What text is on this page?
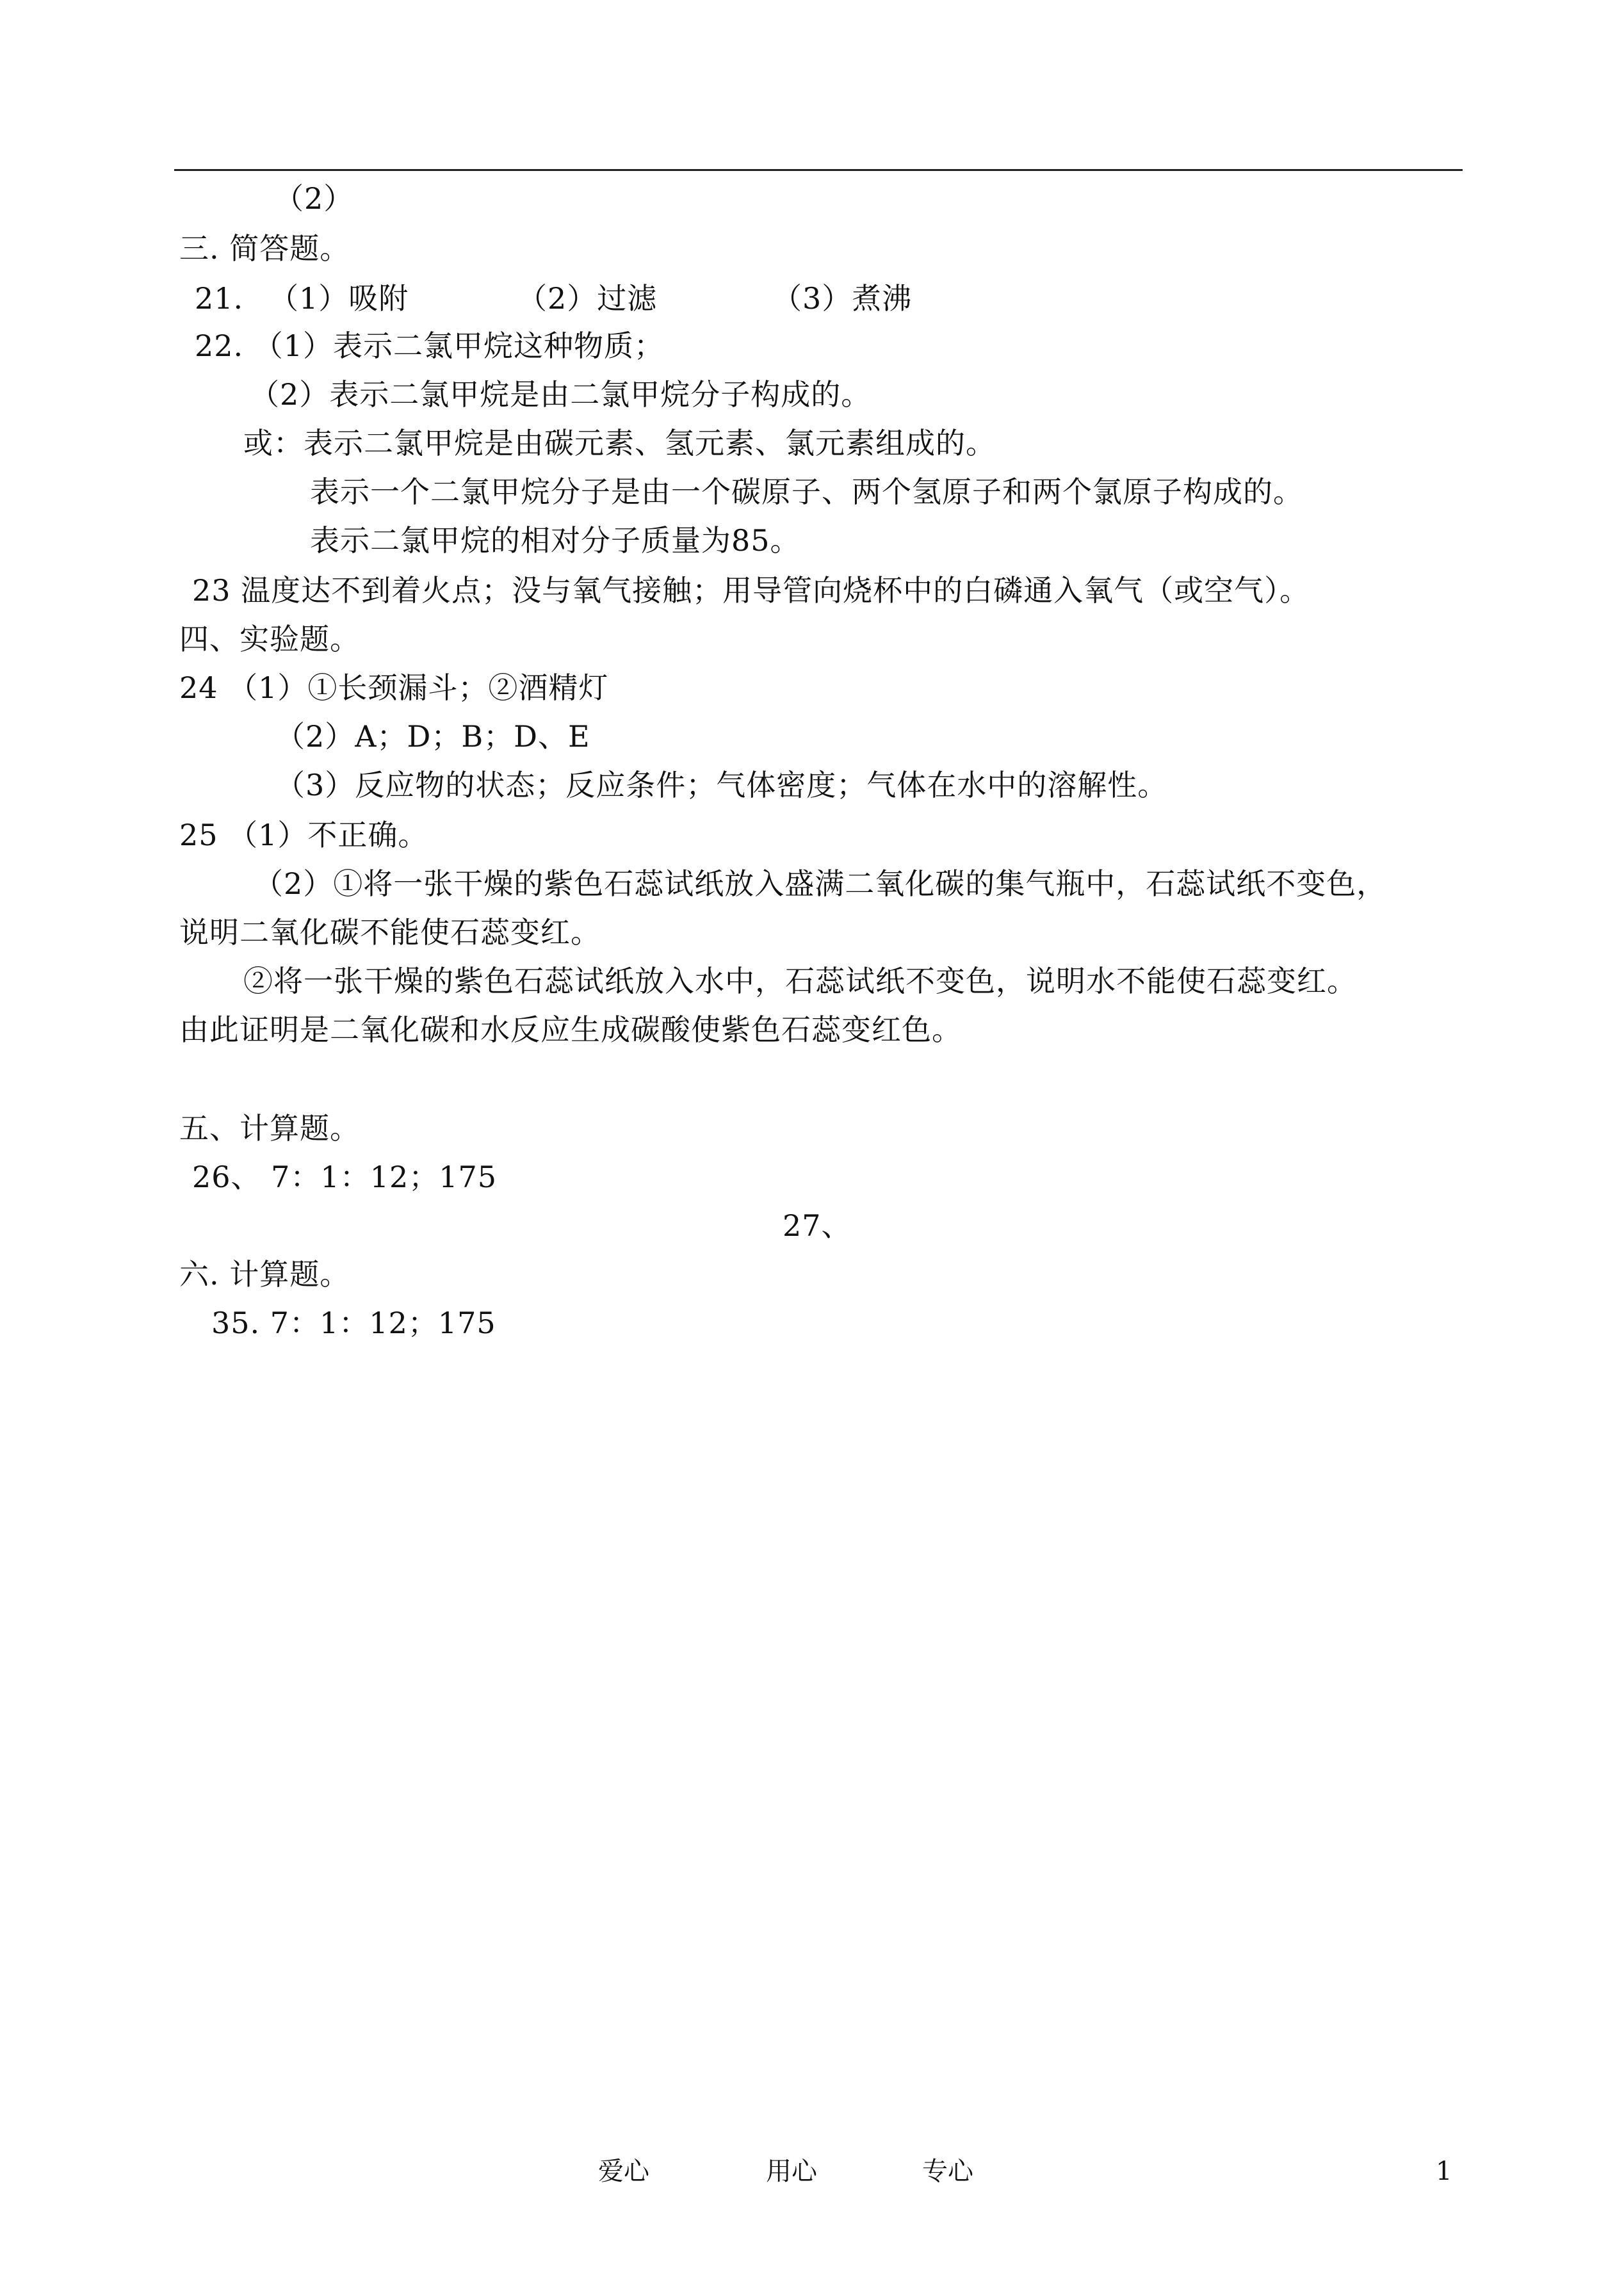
（2）
三. 简答题。
21. （1）吸附	（2）过滤	（3）煮沸
22. （1）表示二氯甲烷这种物质；
（2）表示二氯甲烷是由二氯甲烷分子构成的。
或：表示二氯甲烷是由碳元素、氢元素、氯元素组成的。
表示一个二氯甲烷分子是由一个碳原子、两个氢原子和两个氯原子构成的。
表示二氯甲烷的相对分子质量为85。
23 温度达不到着火点；没与氧气接触；用导管向烧杯中的白磷通入氧气（或空气）。
四、实验题。
24 （1）①长颈漏斗；②酒精灯
（2）A；D；B；D、E
（3）反应物的状态；反应条件；气体密度；气体在水中的溶解性。
25 （1）不正确。
（2）①将一张干燥的紫色石蕊试纸放入盛满二氧化碳的集气瓶中，石蕊试纸不变色，
说明二氧化碳不能使石蕊变红。
②将一张干燥的紫色石蕊试纸放入水中，石蕊试纸不变色，说明水不能使石蕊变红。
由此证明是二氧化碳和水反应生成碳酸使紫色石蕊变红色。
五、计算题。
26、 7：1：12；175
27、
六. 计算题。
35. 7：1：12；175
爱心	用心	专心	1
